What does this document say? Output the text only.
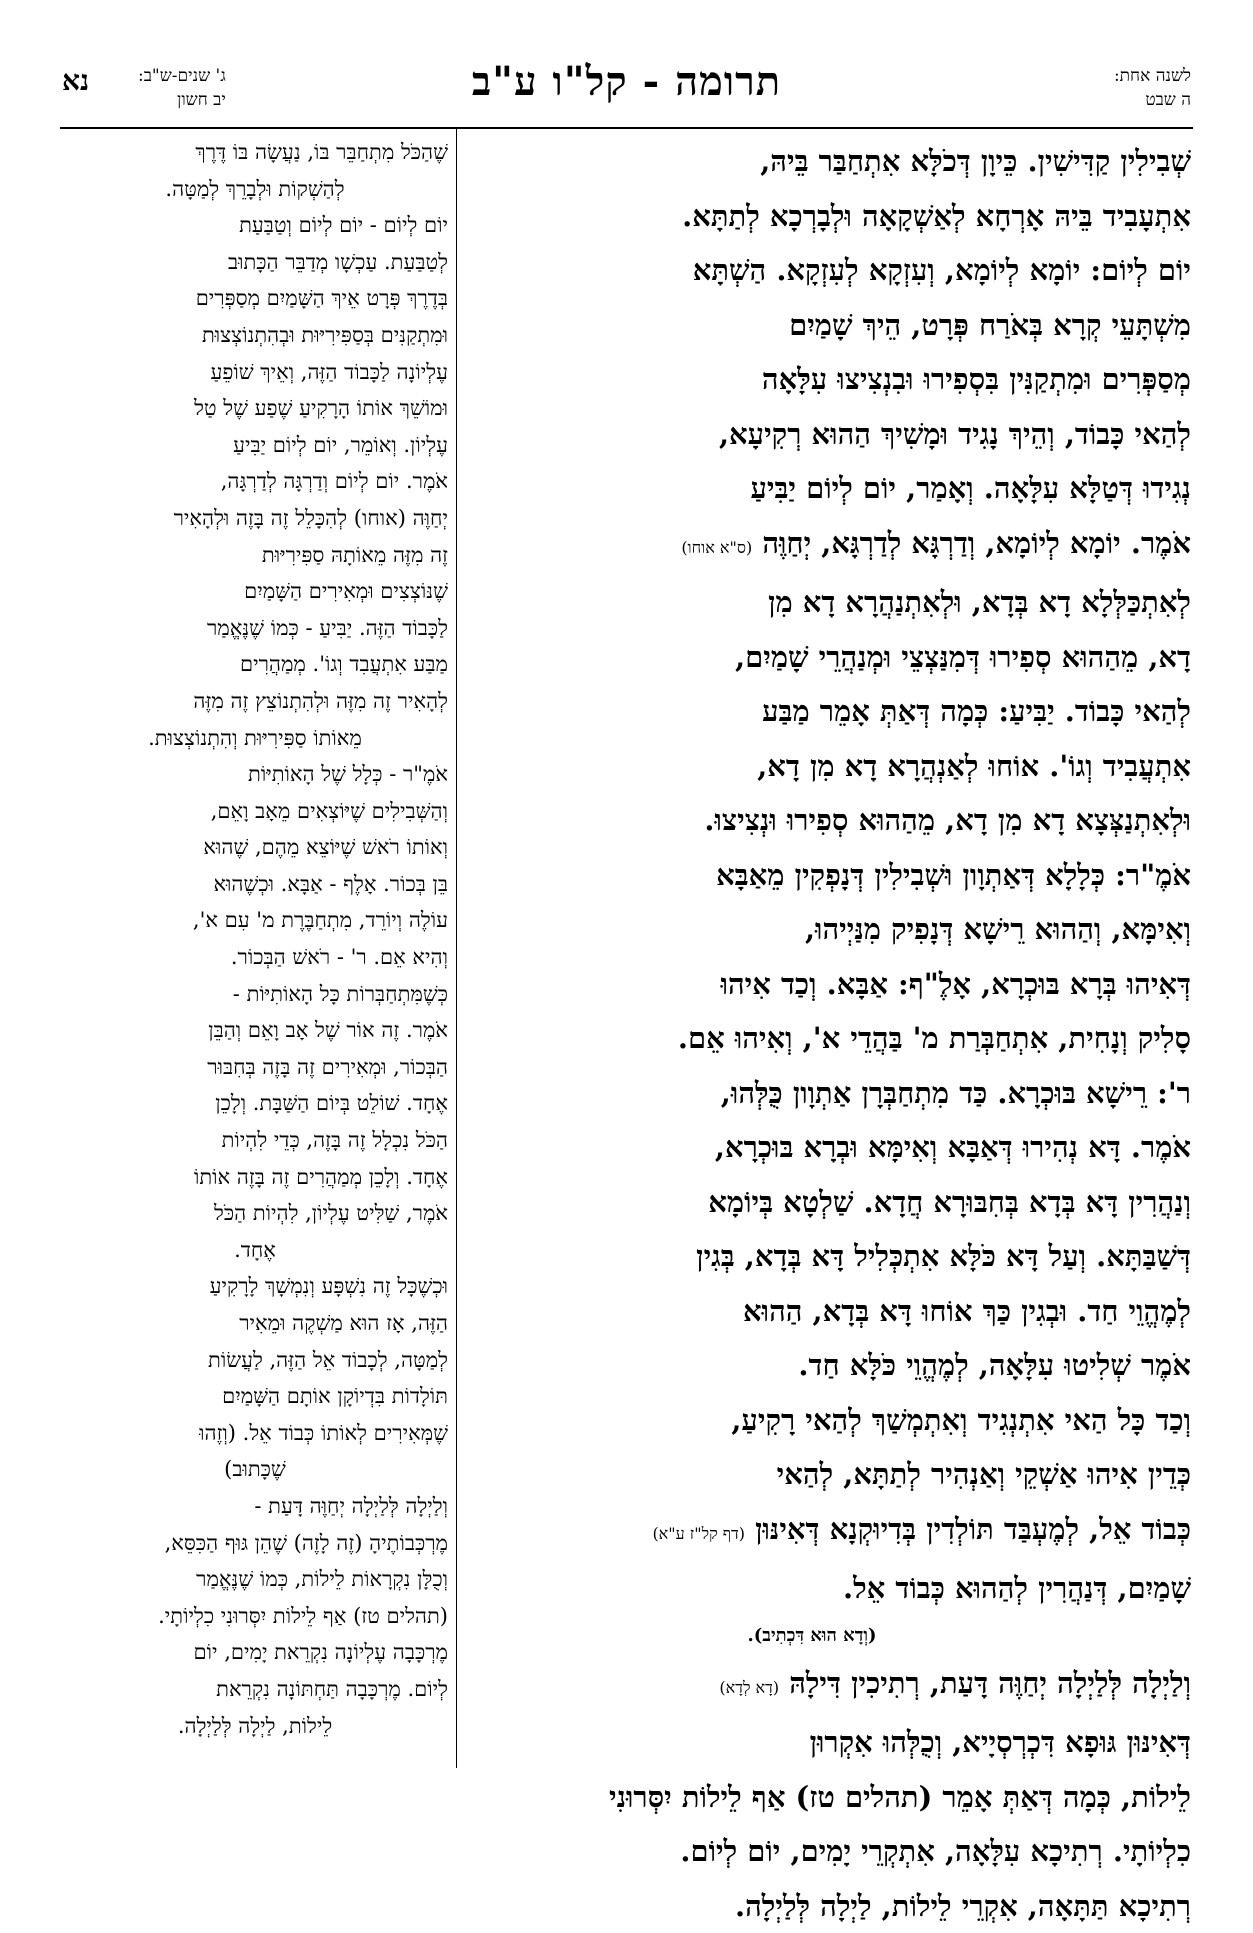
לשנה אחת:
ה שבט
תרומה - קל"ו ע"ב
ג' שנים-ש"ב:
יב חשון
נא

שְׁבִילִין קַדִּישִׁין. כֵּיוָן דְּכֹלָּא אִתְחַבַּר בֵּיהּ,

אִתְעָבִיד בֵּיהּ אָרְחָא לְאַשְׁקָאָה וּלְבָרְכָא לְתַתָּא.

יוֹם לְיוֹם: יוֹמָא לְיוֹמָא, וְעִזְקָא לְעִזְקָא. הַשְׁתָּא

מִשְׁתָּעֵי קְרָא בְּאֹרַח פְּרָט, הֵיךְ שָׁמַיִם

מְסַפְּרִים וּמִתְקַנִּין בִּסְפִירוּ וּבִנְצִיצוּ עִלָּאָה

לְהַאי כָּבוֹד, וְהֵיךְ נָגִיד וּמָשִׁיךְ הַהוּא רְקִיעָא,

נְגִידוּ דְּטַלָּא עִלָּאָה. וְאָמַר, יוֹם לְיוֹם יַבִּיעַ

אֹמֶר. יוֹמָא לְיוֹמָא, וְדַרְגָּא לְדַרְגָּא, יְחַוֶּה (ס"א אוחו)

לְאִתְכַּלְּלָא דָא בְּדָא, וּלְאִתְנַהֲרָא דָא מִן

דָא, מֵהַהוּא סְפִירוּ דְּמִנַּצְצֵי וּמְנַהֲרֵי שָׁמַיִם,

לְהַאי כָּבוֹד. יַבִּיעַ: כְּמָה דְּאַתְּ אָמֵר מַבַּע

אִתְעֲבִיד וְגוֹ'. אוֹחוּ לְאַנְהֲרָא דָא מִן דָא,

וּלְאִתְנַצְּצָא דָא מִן דָא, מֵהַהוּא סְפִירוּ וּנְצִיצוּ.

אֹמֶ"ר: כְּלָלָא דְּאַתְוָון וּשְׁבִילִין דְּנָפְקִין מֵאַבָּא

וְאִימָּא, וְהַהוּא רֵישָׁא דְּנָפִיק מִנַּיְיהוּ,

דְּאִיהוּ בְּרָא בּוּכְרָא, אָלֶ"ף: אַבָּא. וְכַד אִיהוּ

סָלִיק וְנָחִית, אִתְחַבְּרַת מ' בַּהֲדֵי א', וְאִיהוּ אֵם.

ר': רֵישָׁא בּוּכְרָא. כַּד מִתְחַבְּרָן אַתְוָון כֻּלְּהוּ,

אֹמֶר. דָּא נְהִירוּ דְּאַבָּא וְאִימָּא וּבְרָא בּוּכְרָא,

וְנַהֲרִין דָּא בְּדָא בְּחִבּוּרָא חֲדָא. שַׁלְטָא בְּיוֹמָא

דְּשַׁבַּתָּא. וְעַל דָּא כֹּלָּא אִתְכְּלִיל דָּא בְּדָא, בְּגִין

לְמֶהֱוֵי חַד. וּבְגִין כַּךְ אוֹחוּ דָּא בְּדָא, הַהוּא

אֹמֶר שְׁלִיטוּ עִלָּאָה, לְמֶהֱוֵי כֹּלָּא חַד.

וְכַד כָּל הַאי אִתְנְגִיד וְאִתְמְשַׁךְ לְהַאי רָקִיעַ,

כְּדֵין אִיהוּ אַשְׁקֵי וְאַנְהִיר לְתַתָּא, לְהַאי

כְּבוֹד אֵל, לְמֶעְבַּד תּוֹלְדִין בְּדִיוּקְנָא דְּאִינּוּן (דף קל"ז ע"א)

שָׁמַיִם, דְּנַהֲרִין לְהַהוּא כְּבוֹד אֵל.

(וְדָא הוּא דִּכְתִיב).

וְלַיְלָה לְּלַיְלָה יְחַוֶּה דָּעַת, רְתִיכִין דִּילָהּ (דָא לְדָא)

דְּאִינּוּן גּוּפָא דִּכְרְסְיָיא, וְכֻלְּהוּ אִקְרוּן

לֵילוֹת, כְּמָה דְּאַתְּ אָמֵר (תהלים טז) אַף לֵילוֹת יִסְּרוּנִי

כִלְיוֹתָי. רְתִיכָא עִלָּאָה, אִתְקְרֵי יָמִים, יוֹם לְיוֹם.

רְתִיכָא תַּתָּאָה, אִקְרֵי לֵילוֹת, לַיְלָה לְּלַיְלָה.

שֶׁהַכֹּל מִתְחַבֵּר בּוֹ, נַעֲשָׂה בּוֹ דֶּרֶךְ

לְהַשְׁקוֹת וּלְבָרֵךְ לְמַטָּה.

יוֹם לְיוֹם - יוֹם לְיוֹם וְטַבַּעַת

לְטַבַּעַת. עַכְשָׁו מְדַבֵּר הַכָּתוּב

בְּדֶרֶךְ פְּרָט אֵיךְ הַשָּׁמַיִם מְסַפְּרִים

וּמִתְקַנִּים בְּסַפִּירִיּוּת וּבְהִתְנוֹצְצוּת

עֶלְיוֹנָה לַכָּבוֹד הַזֶּה, וְאֵיךְ שׁוֹפֵעַ

וּמוֹשֵׁךְ אוֹתוֹ הָרָקִיעַ שֶׁפַע שֶׁל טַל

עֶלְיוֹן. וְאוֹמֵר, יוֹם לְיוֹם יַבִּיעַ

אֹמֶר. יוֹם לְיוֹם וְדַרְגָּה לְדַרְגָּה,

יְחַוֶּה (אוחו) לְהִכָּלֵל זֶה בָּזֶה וּלְהָאִיר

זֶה מִזֶּה מֵאוֹתָהּ סַפִּירִיּוּת

שֶׁנּוֹצְצִים וּמְאִירִים הַשָּׁמַיִם

לַכָּבוֹד הַזֶּה. יַבִּיעַ - כְּמוֹ שֶׁנֶּאֱמַר

מַבַּע אִתְעֲבִד וְגוֹ'. מְמַהֲרִים

לְהָאִיר זֶה מִזֶּה וּלְהִתְנוֹצֵץ זֶה מִזֶּה

מֵאוֹתוֹ סַפִּירִיּוּת וְהִתְנוֹצְצוּת.

אֹמֶ"ר - כְּלָל שֶׁל הָאוֹתִיּוֹת

וְהַשְּׁבִילִים שֶׁיּוֹצְאִים מֵאָב וָאֵם,

וְאוֹתוֹ רֹאשׁ שֶׁיּוֹצֵא מֵהֶם, שֶׁהוּא

בֵּן בְּכוֹר. אָלֶף - אַבָּא. וּכְשֶׁהוּא

עוֹלֶה וְיוֹרֵד, מִתְחַבֶּרֶת מ' עִם א',

וְהִיא אֵם. ר' - רֹאשׁ הַבְּכוֹר.

כְּשֶׁמִּתְחַבְּרוֹת כָּל הָאוֹתִיּוֹת -

אֹמֶר. זֶה אוֹר שֶׁל אָב וָאֵם וְהַבֵּן

הַבְּכוֹר, וּמְאִירִים זֶה בָּזֶה בְּחִבּוּר

אֶחָד. שׁוֹלֵט בְּיוֹם הַשַּׁבָּת. וְלָכֵן

הַכֹּל נִכְלָל זֶה בָּזֶה, כְּדֵי לִהְיוֹת

אֶחָד. וְלָכֵן מְמַהֲרִים זֶה בָּזֶה אוֹתוֹ

אֹמֶר, שַׁלִּיט עֶלְיוֹן, לִהְיוֹת הַכֹּל

אֶחָד.

וּכְשֶׁכָּל זֶה נִשְׁפָּע וְנִמְשָׁךְ לָרָקִיעַ

הַזֶּה, אָז הוּא מַשְׁקֶה וּמֵאִיר

לְמַטָּה, לְכָבוֹד אֵל הַזֶּה, לַעֲשׂוֹת

תּוֹלָדוֹת בִּדְיוֹקָן אוֹתָם הַשָּׁמַיִם

שֶׁמְּאִירִים לְאוֹתוֹ כְּבוֹד אֵל. (וְזֶהוּ

שֶׁכָּתוּב)

וְלַיְלָה לְּלַיְלָה יְחַוֶּה דָּעַת -

מֶרְכְּבוֹתֶיהָ (זֶה לָזֶה) שֶׁהֵן גּוּף הַכִּסֵּא,

וְכֻלָּן נִקְרָאוֹת לֵילוֹת, כְּמוֹ שֶׁנֶּאֱמַר

(תהלים טז) אַף לֵילוֹת יִסְּרוּנִי כִלְיוֹתָי.

מֶרְכָּבָה עֶלְיוֹנָה נִקְרֵאת יָמִים, יוֹם

לְיוֹם. מֶרְכָּבָה תַּחְתּוֹנָה נִקְרֵאת

לֵילוֹת, לַיְלָה לְּלַיְלָה.
